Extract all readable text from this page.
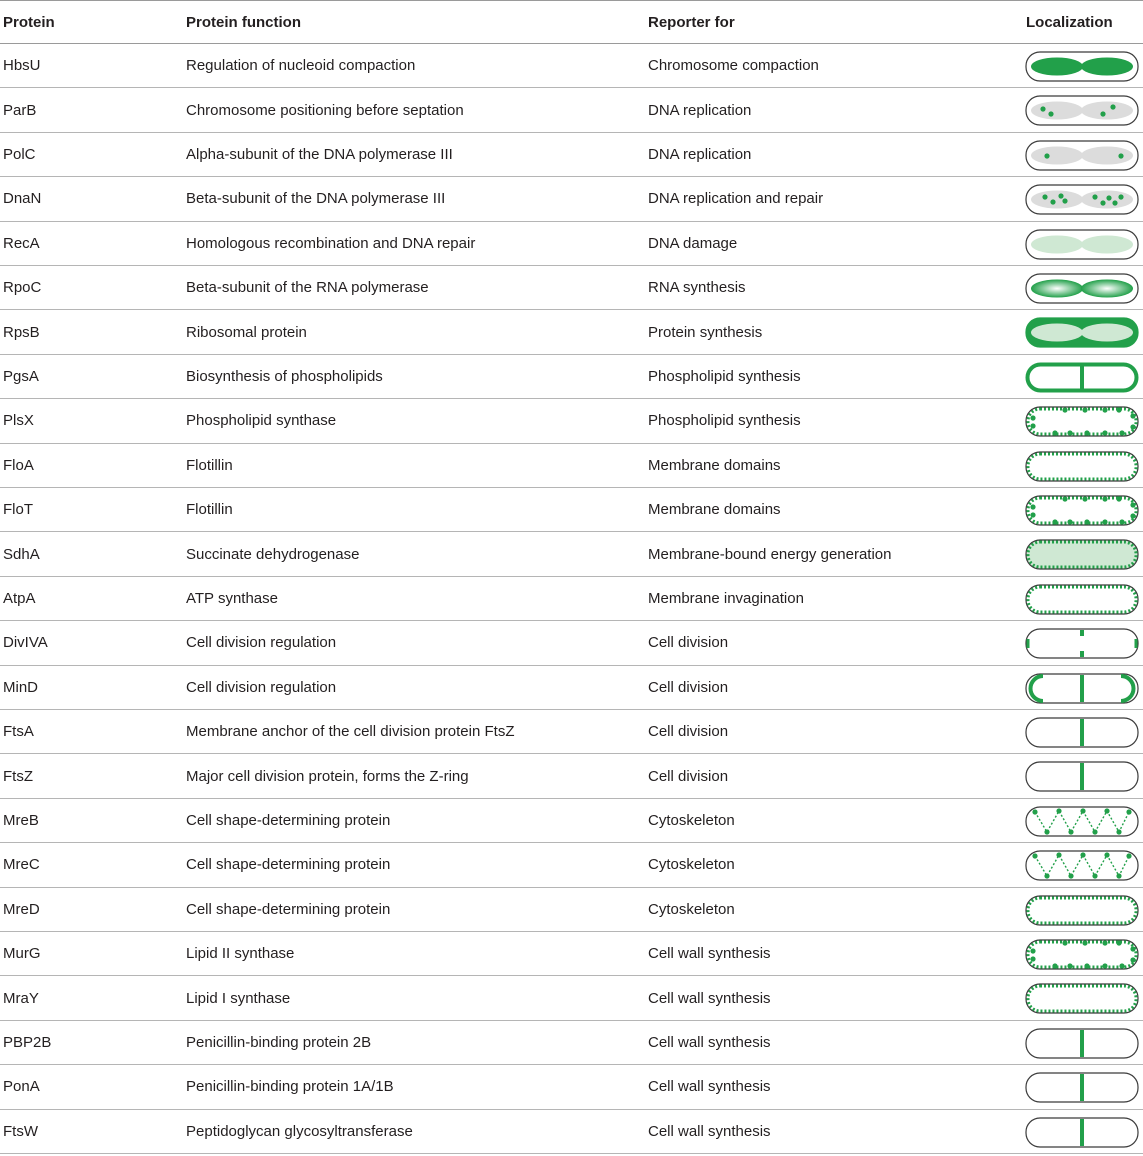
Protein	Protein function	Reporter for	Localization
HbsU	Regulation of nucleoid compaction	Chromosome compaction
ParB	Chromosome positioning before septation	DNA replication
PolC	Alpha-subunit of the DNA polymerase III	DNA replication
DnaN	Beta-subunit of the DNA polymerase III	DNA replication and repair
RecA	Homologous recombination and DNA repair	DNA damage
RpoC	Beta-subunit of the RNA polymerase	RNA synthesis
RpsB	Ribosomal protein	Protein synthesis
PgsA	Biosynthesis of phospholipids	Phospholipid synthesis
PlsX	Phospholipid synthase	Phospholipid synthesis
FloA	Flotillin	Membrane domains
FloT	Flotillin	Membrane domains
SdhA	Succinate dehydrogenase	Membrane-bound energy generation
AtpA	ATP synthase	Membrane invagination
DivIVA	Cell division regulation	Cell division
MinD	Cell division regulation	Cell division
FtsA	Membrane anchor of the cell division protein FtsZ	Cell division
FtsZ	Major cell division protein, forms the Z-ring	Cell division
MreB	Cell shape-determining protein	Cytoskeleton
MreC	Cell shape-determining protein	Cytoskeleton
MreD	Cell shape-determining protein	Cytoskeleton
MurG	Lipid II synthase	Cell wall synthesis
MraY	Lipid I synthase	Cell wall synthesis
PBP2B	Penicillin-binding protein 2B	Cell wall synthesis
PonA	Penicillin-binding protein 1A/1B	Cell wall synthesis
FtsW	Peptidoglycan glycosyltransferase	Cell wall synthesis
